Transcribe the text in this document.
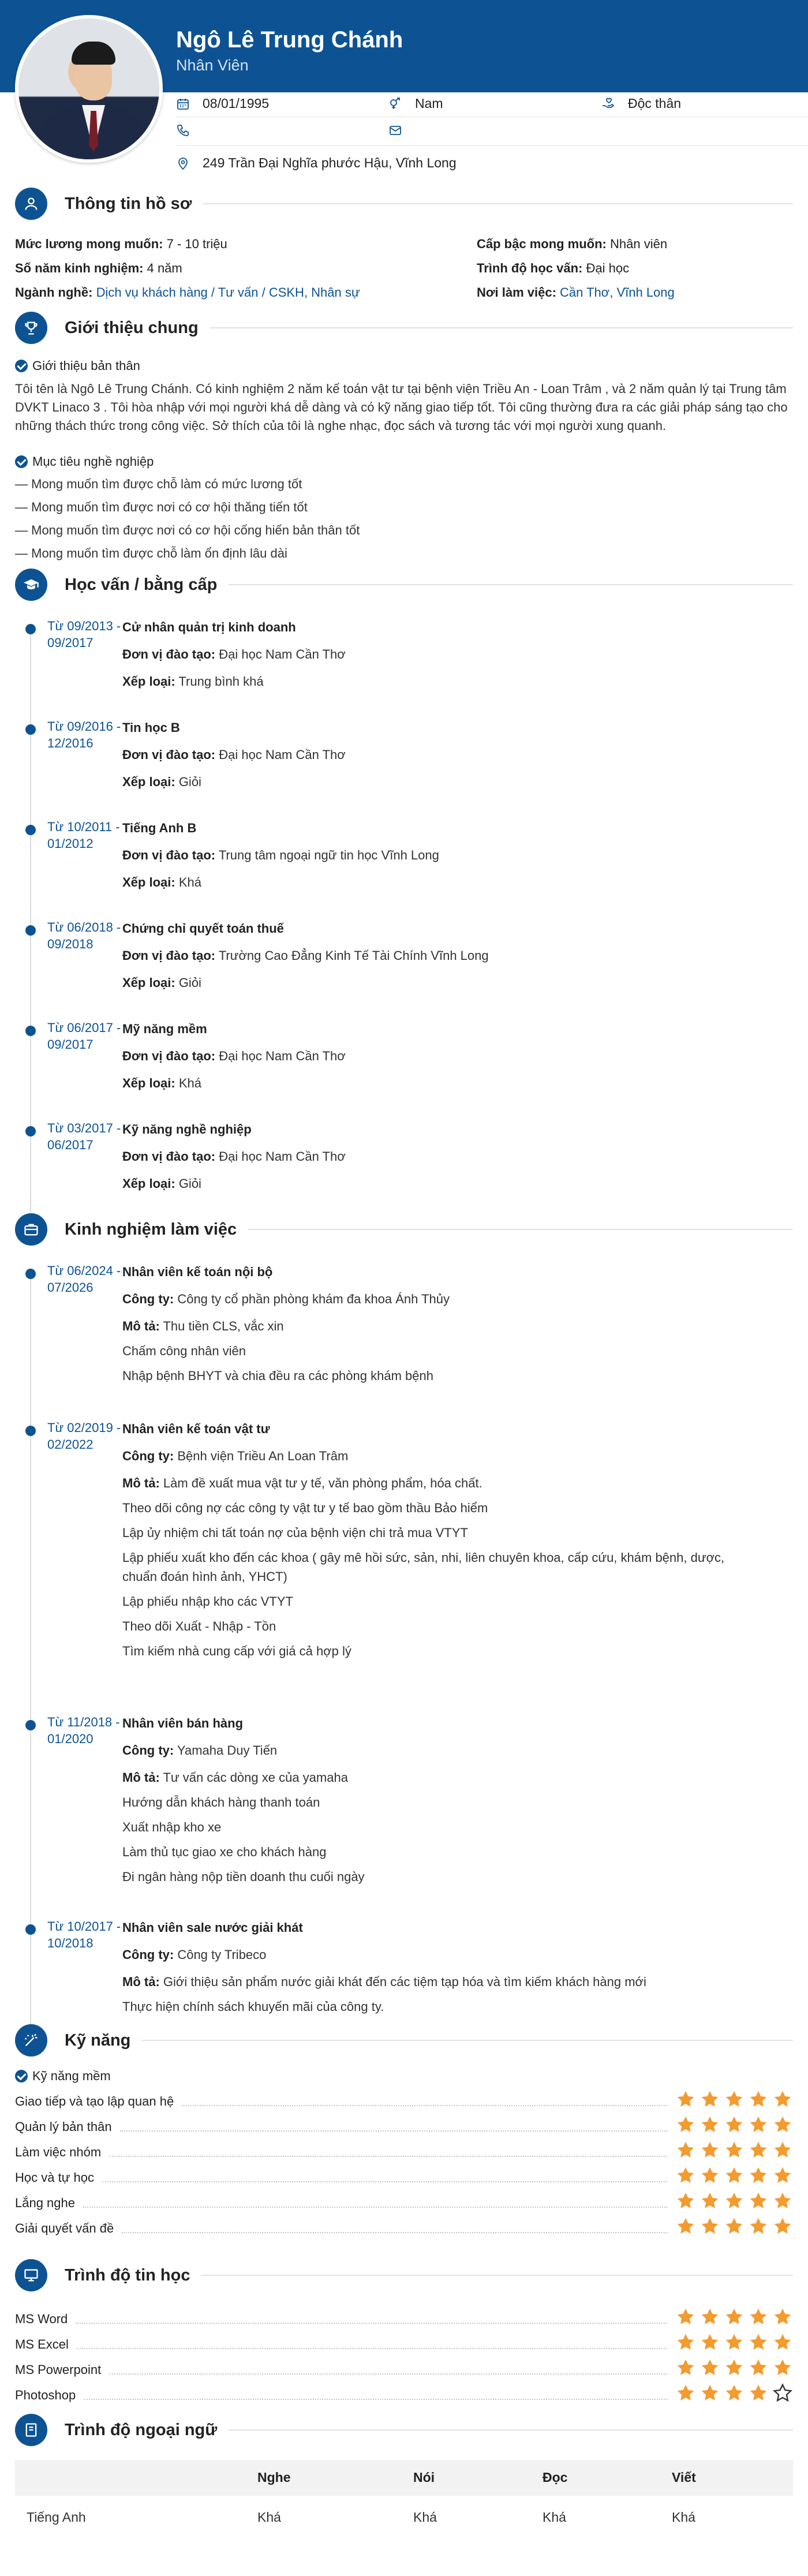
Ngô Lê Trung Chánh
Nhân Viên
08/01/1995	Nam	Độc thân
249 Trần Đại Nghĩa phước Hậu, Vĩnh Long
Thông tin hồ sơ
Mức lương mong muốn: 7 - 10 triệu	Cấp bậc mong muốn: Nhân viên
Số năm kinh nghiệm: 4 năm	Trình độ học vấn: Đại học
Ngành nghề: Dịch vụ khách hàng / Tư vấn / CSKH, Nhân sự	Nơi làm việc: Cần Thơ, Vĩnh Long
Giới thiệu chung
Giới thiệu bản thân
Tôi tên là Ngô Lê Trung Chánh. Có kinh nghiệm 2 năm kế toán vật tư tại bệnh viện Triều An - Loan Trâm , và 2 năm quản lý tại Trung tâm DVKT Linaco 3 . Tôi hòa nhập với mọi người khá dễ dàng và có kỹ năng giao tiếp tốt. Tôi cũng thường đưa ra các giải pháp sáng tạo cho những thách thức trong công việc. Sở thích của tôi là nghe nhạc, đọc sách và tương tác với mọi người xung quanh.
Mục tiêu nghề nghiệp
— Mong muốn tìm được chỗ làm có mức lương tốt
— Mong muốn tìm được nơi có cơ hội thăng tiến tốt
— Mong muốn tìm được nơi có cơ hội cống hiến bản thân tốt
— Mong muốn tìm được chỗ làm ổn định lâu dài
Học vấn / bằng cấp
Từ 09/2013 - 09/2017
Cử nhân quản trị kinh doanh
Đơn vị đào tạo: Đại học Nam Cần Thơ
Xếp loại: Trung bình khá
Từ 09/2016 - 12/2016
Tin học B
Đơn vị đào tạo: Đại học Nam Cần Thơ
Xếp loại: Giỏi
Từ 10/2011 - 01/2012
Tiếng Anh B
Đơn vị đào tạo: Trung tâm ngoại ngữ tin học Vĩnh Long
Xếp loại: Khá
Từ 06/2018 - 09/2018
Chứng chỉ quyết toán thuế
Đơn vị đào tạo: Trường Cao Đẳng Kinh Tế Tài Chính Vĩnh Long
Xếp loại: Giỏi
Từ 06/2017 - 09/2017
Mỹ năng mềm
Đơn vị đào tạo: Đại học Nam Cần Thơ
Xếp loại: Khá
Từ 03/2017 - 06/2017
Kỹ năng nghề nghiệp
Đơn vị đào tạo: Đại học Nam Cần Thơ
Xếp loại: Giỏi
Kinh nghiệm làm việc
Từ 06/2024 - 07/2026
Nhân viên kế toán nội bộ
Công ty: Công ty cổ phần phòng khám đa khoa Ánh Thủy
Mô tả: Thu tiền CLS, vắc xin
Chấm công nhân viên
Nhập bệnh BHYT và chia đều ra các phòng khám bệnh
Từ 02/2019 - 02/2022
Nhân viên kế toán vật tư
Công ty: Bệnh viện Triều An Loan Trâm
Mô tả: Làm đề xuất mua vật tư y tế, văn phòng phẩm, hóa chất.
Theo dõi công nợ các công ty vật tư y tế bao gồm thầu Bảo hiểm
Lập ủy nhiệm chi tất toán nợ của bệnh viện chi trả mua VTYT
Lập phiếu xuất kho đến các khoa ( gây mê hồi sức, sản, nhi, liên chuyên khoa, cấp cứu, khám bệnh, dược, chuẩn đoán hình ảnh, YHCT)
Lập phiếu nhập kho các VTYT
Theo dõi Xuất - Nhập - Tồn
Tìm kiếm nhà cung cấp với giá cả hợp lý
Từ 11/2018 - 01/2020
Nhân viên bán hàng
Công ty: Yamaha Duy Tiến
Mô tả: Tư vấn các dòng xe của yamaha
Hướng dẫn khách hàng thanh toán
Xuất nhập kho xe
Làm thủ tục giao xe cho khách hàng
Đi ngân hàng nộp tiền doanh thu cuối ngày
Từ 10/2017 - 10/2018
Nhân viên sale nước giải khát
Công ty: Công ty Tribeco
Mô tả: Giới thiệu sản phẩm nước giải khát đến các tiệm tạp hóa và tìm kiếm khách hàng mới
Thực hiện chính sách khuyến mãi của công ty.
Kỹ năng
Kỹ năng mềm
Giao tiếp và tạo lập quan hệ
Quản lý bản thân
Làm việc nhóm
Học và tự học
Lắng nghe
Giải quyết vấn đề
Trình độ tin học
MS Word
MS Excel
MS Powerpoint
Photoshop
Trình độ ngoại ngữ
	Nghe	Nói	Đọc	Viết
Tiếng Anh	Khá	Khá	Khá	Khá
